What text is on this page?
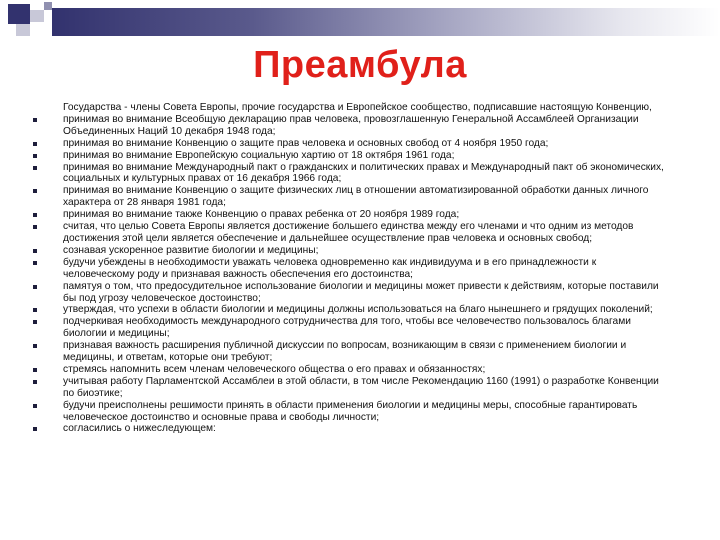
Преамбула
Государства - члены Совета Европы, прочие государства и Европейское сообщество, подписавшие настоящую Конвенцию,
принимая во внимание Всеобщую декларацию прав человека, провозглашенную Генеральной Ассамблеей Организации Объединенных Наций 10 декабря 1948 года;
принимая во внимание Конвенцию о защите прав человека и основных свобод от 4 ноября 1950 года;
принимая во внимание Европейскую социальную хартию от 18 октября 1961 года;
принимая во внимание Международный пакт о гражданских и политических правах и Международный пакт об экономических, социальных и культурных правах от 16 декабря 1966 года;
принимая во внимание Конвенцию о защите физических лиц в отношении автоматизированной обработки данных личного характера от 28 января 1981 года;
принимая во внимание также Конвенцию о правах ребенка от 20 ноября 1989 года;
считая, что целью Совета Европы является достижение большего единства между его членами и что одним из методов достижения этой цели является обеспечение и дальнейшее осуществление прав человека и основных свобод;
сознавая ускоренное развитие биологии и медицины;
будучи убеждены в необходимости уважать человека одновременно как индивидуума и в его принадлежности к человеческому роду и признавая важность обеспечения его достоинства;
памятуя о том, что предосудительное использование биологии и медицины может привести к действиям, которые поставили бы под угрозу человеческое достоинство;
утверждая, что успехи в области биологии и медицины должны использоваться на благо нынешнего и грядущих поколений;
подчеркивая необходимость международного сотрудничества для того, чтобы все человечество пользовалось благами биологии и медицины;
признавая важность расширения публичной дискуссии по вопросам, возникающим в связи с применением биологии и медицины, и ответам, которые они требуют;
стремясь напомнить всем членам человеческого общества о его правах и обязанностях;
учитывая работу Парламентской Ассамблеи в этой области, в том числе Рекомендацию 1160 (1991) о разработке Конвенции по биоэтике;
будучи преисполнены решимости принять в области применения биологии и медицины меры, способные гарантировать человеческое достоинство и основные права и свободы личности;
согласились о нижеследующем:
